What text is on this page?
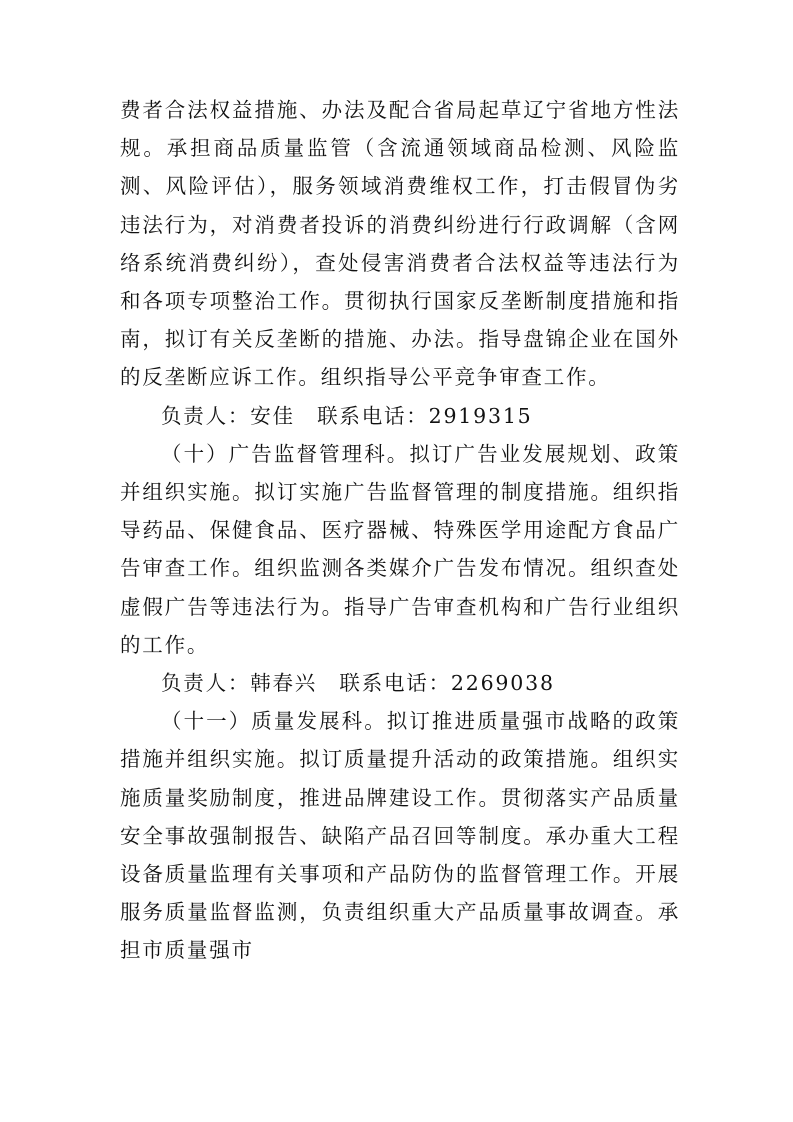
费者合法权益措施、办法及配合省局起草辽宁省地方性法规。承担商品质量监管（含流通领域商品检测、风险监测、风险评估），服务领域消费维权工作，打击假冒伪劣违法行为，对消费者投诉的消费纠纷进行行政调解（含网络系统消费纠纷），查处侵害消费者合法权益等违法行为和各项专项整治工作。贯彻执行国家反垄断制度措施和指南，拟订有关反垄断的措施、办法。指导盘锦企业在国外的反垄断应诉工作。组织指导公平竞争审查工作。

负责人：安佳　联系电话：2919315

（十）广告监督管理科。拟订广告业发展规划、政策并组织实施。拟订实施广告监督管理的制度措施。组织指导药品、保健食品、医疗器械、特殊医学用途配方食品广告审查工作。组织监测各类媒介广告发布情况。组织查处虚假广告等违法行为。指导广告审查机构和广告行业组织的工作。

负责人：韩春兴　联系电话：2269038

（十一）质量发展科。拟订推进质量强市战略的政策措施并组织实施。拟订质量提升活动的政策措施。组织实施质量奖励制度，推进品牌建设工作。贯彻落实产品质量安全事故强制报告、缺陷产品召回等制度。承办重大工程设备质量监理有关事项和产品防伪的监督管理工作。开展服务质量监督监测，负责组织重大产品质量事故调查。承担市质量强市
